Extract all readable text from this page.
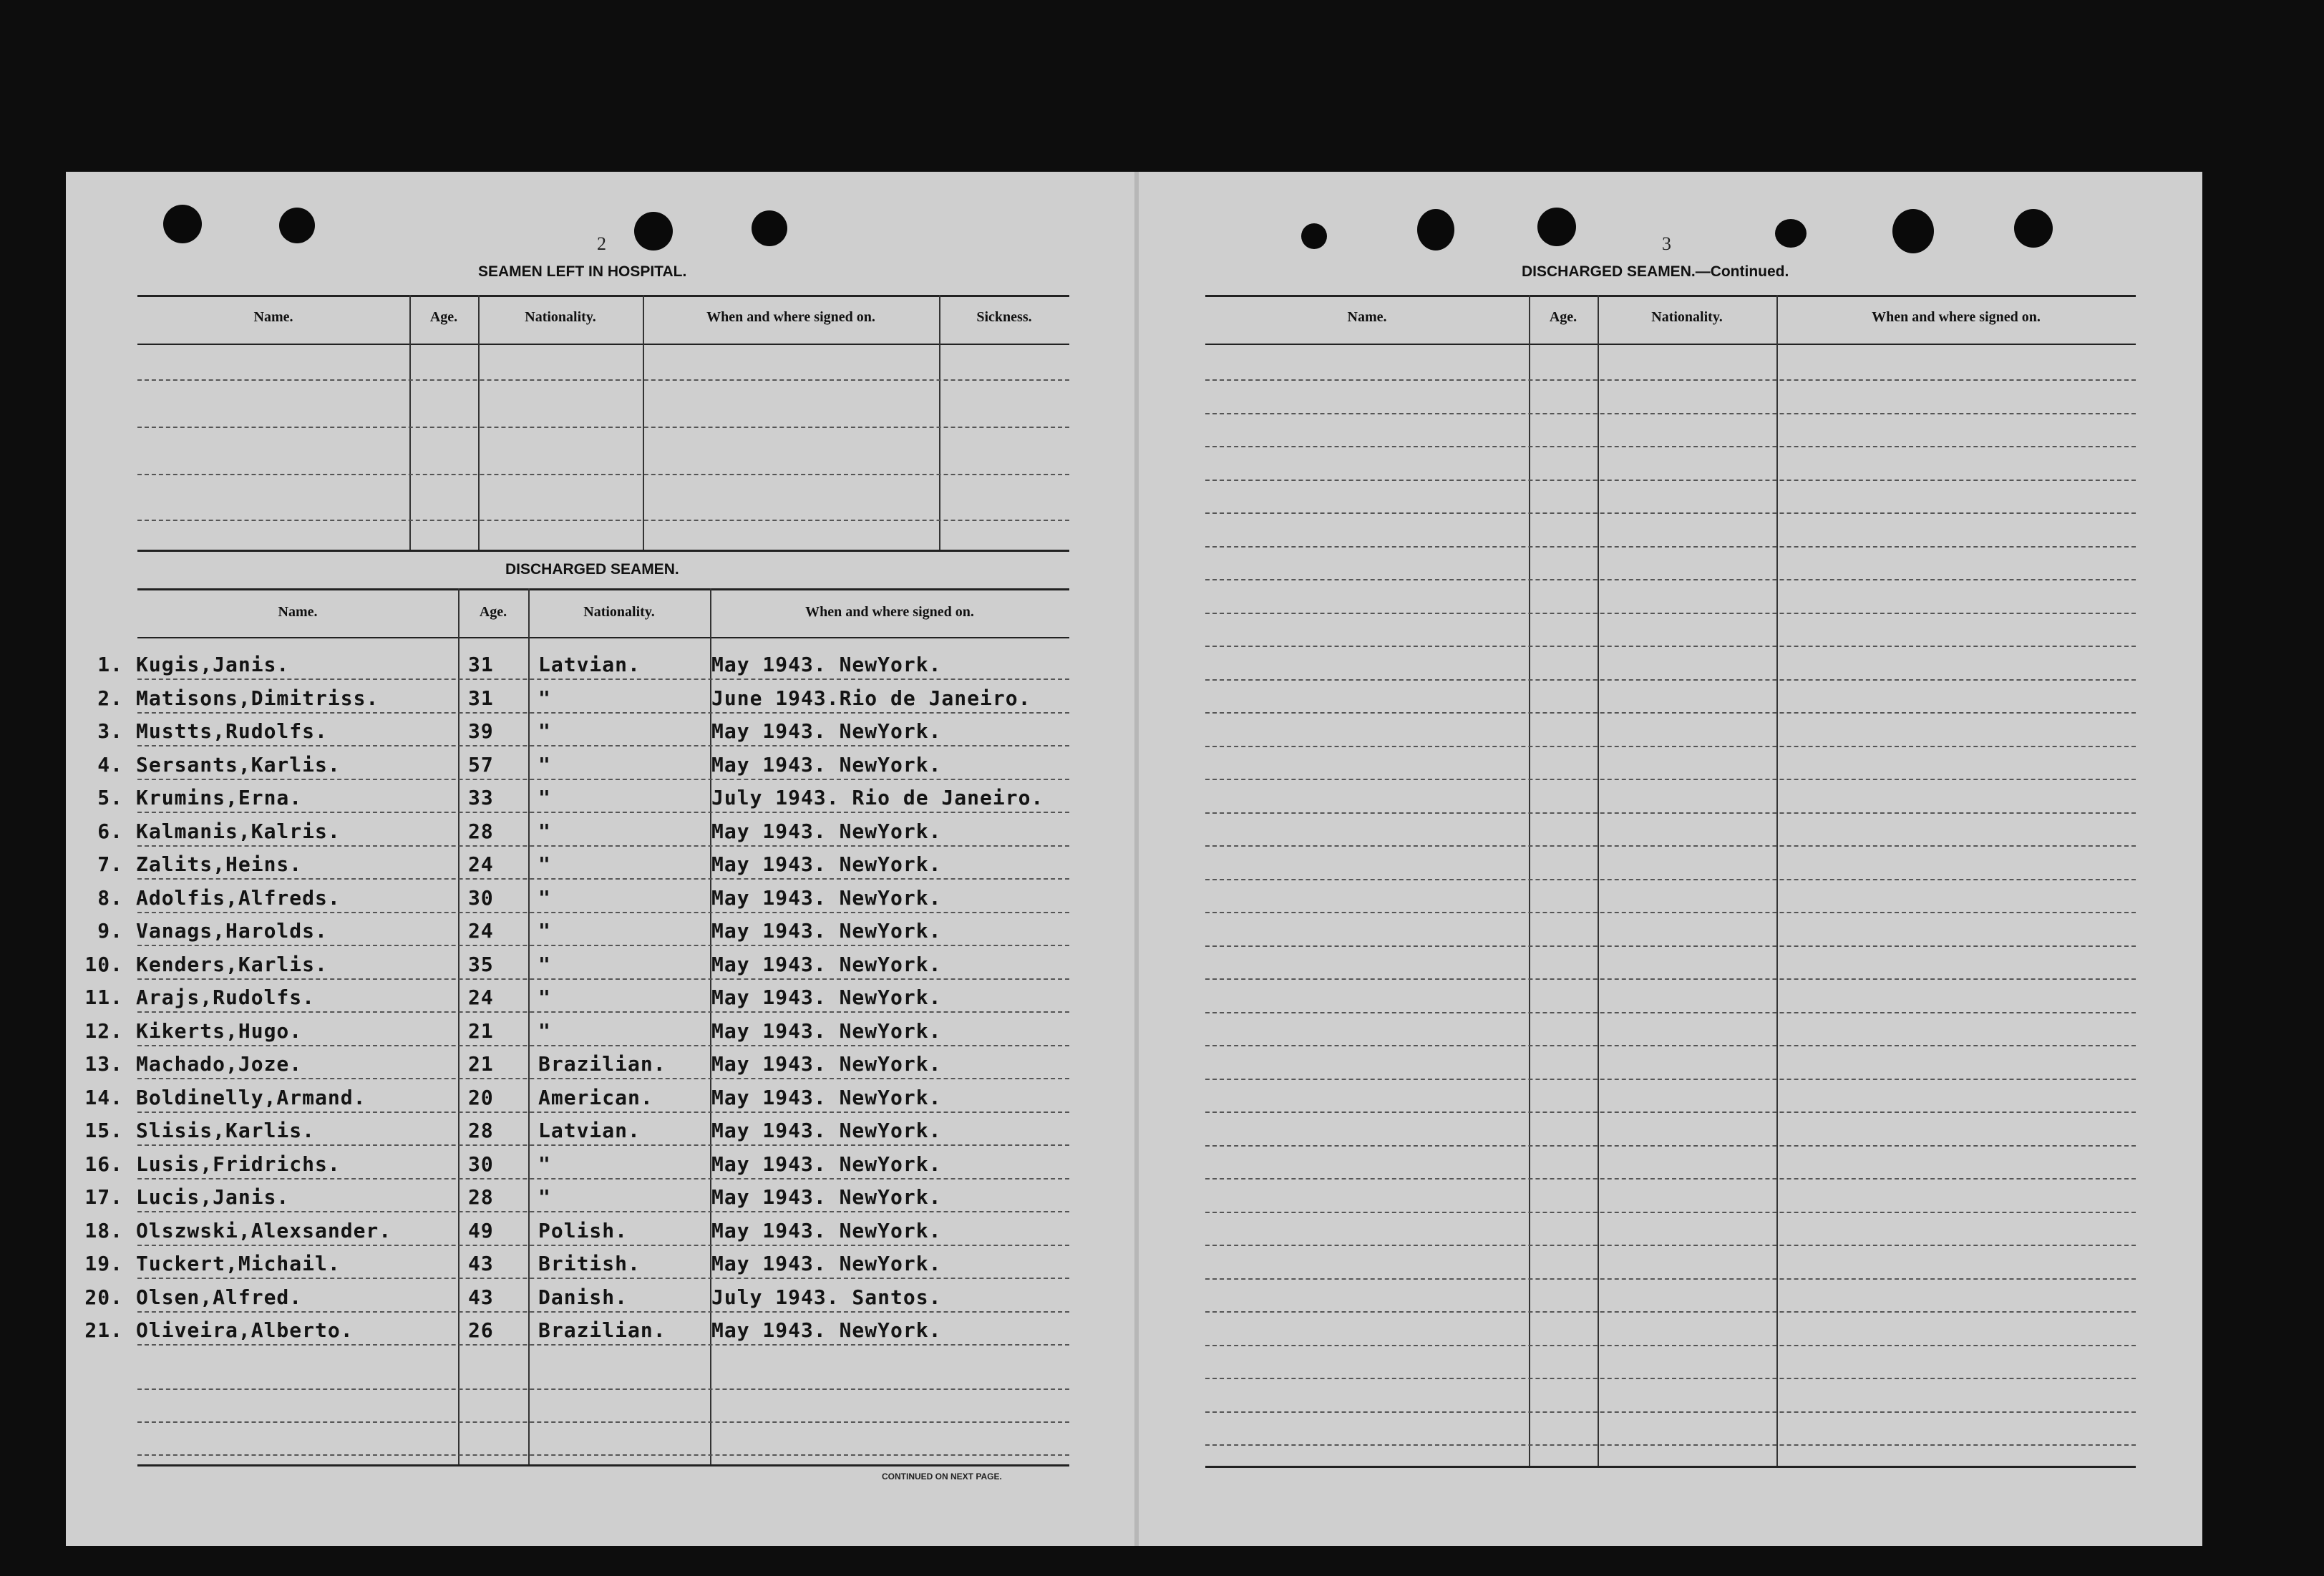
2
SEAMEN LEFT IN HOSPITAL.
Name.	Age.	Nationality.	When and where signed on.	Sickness.
DISCHARGED SEAMEN.
Name.	Age.	Nationality.	When and where signed on.
1. Kugis,Janis.	31 Latvian.	May 1943. NewYork.
2. Matisons,Dimitriss.	31 "	June 1943.Rio de Janeiro.
3. Mustts,Rudolfs.	39 "	May 1943. NewYork.
4. Sersants,Karlis.	57 "	May 1943. NewYork.
5. Krumins,Erna.	33 "	July 1943. Rio de Janeiro.
6. Kalmanis,Kalris.	28 "	May 1943. NewYork.
7. Zalits,Heins.	24 "	May 1943. NewYork.
8. Adolfis,Alfreds.	30 "	May 1943. NewYork.
9. Vanags,Harolds.	24 "	May 1943. NewYork.
10. Kenders,Karlis.	35 "	May 1943. NewYork.
11. Arajs,Rudolfs.	24 "	May 1943. NewYork.
12. Kikerts,Hugo.	21 "	May 1943. NewYork.
13. Machado,Joze.	21 Brazilian. May 1943. NewYork.
14. Boldinelly,Armand.	20 American.	May 1943. NewYork.
15. Slisis,Karlis.	28 Latvian.	May 1943. NewYork.
16. Lusis,Fridrichs.	30 "	May 1943. NewYork.
17. Lucis,Janis.	28 "	May 1943. NewYork.
18. Olszwski,Alexsander.	49 Polish.	May 1943. NewYork.
19. Tuckert,Michail.	43 British.	May 1943. NewYork.
20. Olsen,Alfred.	43 Danish.	July 1943. Santos.
21. Oliveira,Alberto.	26 Brazilian. May 1943. NewYork.
CONTINUED ON NEXT PAGE.
3
DISCHARGED SEAMEN.—Continued.
Name.	Age.	Nationality.	When and where signed on.
